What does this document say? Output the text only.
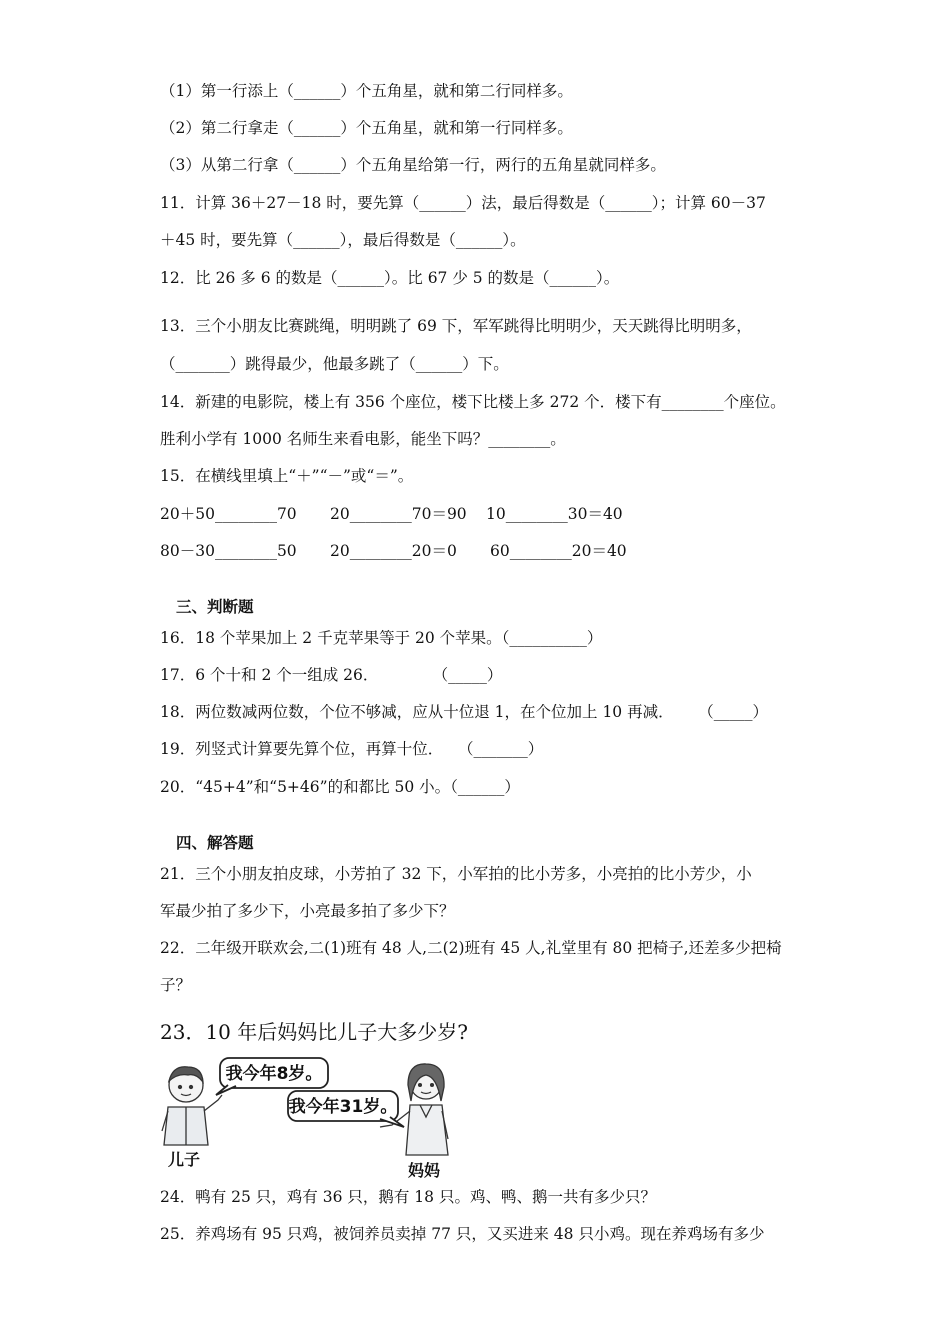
（1）第一行添上（______）个五角星，就和第二行同样多。
（2）第二行拿走（______）个五角星，就和第一行同样多。
（3）从第二行拿（______）个五角星给第一行，两行的五角星就同样多。
11．计算 36＋27－18 时，要先算（______）法，最后得数是（______）；计算 60－37
＋45 时，要先算（______），最后得数是（______）。
12．比 26 多 6 的数是（______）。比 67 少 5 的数是（______）。
13．三个小朋友比赛跳绳，明明跳了 69 下，军军跳得比明明少，天天跳得比明明多，
（_______）跳得最少，他最多跳了（______）下。
14．新建的电影院，楼上有 356 个座位，楼下比楼上多 272 个．楼下有________个座位。
胜利小学有 1000 名师生来看电影，能坐下吗？________。
15．在横线里填上“＋”“－”或“＝”。
20＋50________70 20________70＝90 10________30＝40
80－30________50 20________20＝0 60________20＝40
三、判断题
16．18 个苹果加上 2 千克苹果等于 20 个苹果。（__________）
17．6 个十和 2 个一组成 26．           （_____）
18．两位数减两位数，个位不够减，应从十位退 1，在个位加上 10 再减．     （_____）
19．列竖式计算要先算个位，再算十位．   （_______）
20．“45+4”和“5+46”的和都比 50 小。（______）
四、解答题
21．三个小朋友拍皮球，小芳拍了 32 下，小军拍的比小芳多，小亮拍的比小芳少，小
军最少拍了多少下，小亮最多拍了多少下？
22．二年级开联欢会,二(1)班有 48 人,二(2)班有 45 人,礼堂里有 80 把椅子,还差多少把椅
子？
23．10 年后妈妈比儿子大多少岁?
我今年8岁。
我今年31岁。
儿子
妈妈
24．鸭有 25 只，鸡有 36 只，鹅有 18 只。鸡、鸭、鹅一共有多少只？
25．养鸡场有 95 只鸡，被饲养员卖掉 77 只，又买进来 48 只小鸡。现在养鸡场有多少
